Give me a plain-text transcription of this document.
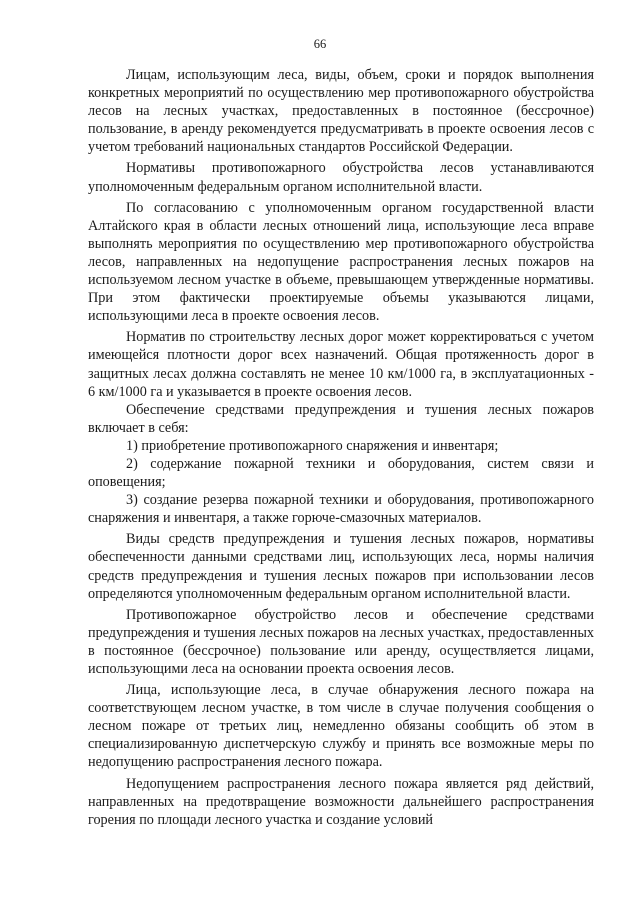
66

Лицам, использующим леса, виды, объем, сроки и порядок выполнения конкретных мероприятий по осуществлению мер противопожарного обустройства лесов на лесных участках, предоставленных в постоянное (бессрочное) пользование, в аренду рекомендуется предусматривать в проекте освоения лесов с учетом требований национальных стандартов Российской Федерации.

Нормативы противопожарного обустройства лесов устанавливаются уполномоченным федеральным органом исполнительной власти.

По согласованию с уполномоченным органом государственной власти Алтайского края в области лесных отношений лица, использующие леса вправе выполнять мероприятия по осуществлению мер противопожарного обустройства лесов, направленных на недопущение распространения лесных пожаров на используемом лесном участке в объеме, превышающем утвержденные нормативы. При этом фактически проектируемые объемы указываются лицами, использующими леса в проекте освоения лесов.

Норматив по строительству лесных дорог может корректироваться с учетом имеющейся плотности дорог всех назначений. Общая протяженность дорог в защитных лесах должна составлять не менее 10 км/1000 га, в эксплуатационных - 6 км/1000 га и указывается в проекте освоения лесов.

Обеспечение средствами предупреждения и тушения лесных пожаров включает в себя:

1) приобретение противопожарного снаряжения и инвентаря;

2) содержание пожарной техники и оборудования, систем связи и оповещения;

3) создание резерва пожарной техники и оборудования, противопожарного снаряжения и инвентаря, а также горюче-смазочных материалов.

Виды средств предупреждения и тушения лесных пожаров, нормативы обеспеченности данными средствами лиц, использующих леса, нормы наличия средств предупреждения и тушения лесных пожаров при использовании лесов определяются уполномоченным федеральным органом исполнительной власти.

Противопожарное обустройство лесов и обеспечение средствами предупреждения и тушения лесных пожаров на лесных участках, предоставленных в постоянное (бессрочное) пользование или аренду, осуществляется лицами, использующими леса на основании проекта освоения лесов.

Лица, использующие леса, в случае обнаружения лесного пожара на соответствующем лесном участке, в том числе в случае получения сообщения о лесном пожаре от третьих лиц, немедленно обязаны сообщить об этом в специализированную диспетчерскую службу и принять все возможные меры по недопущению распространения лесного пожара.

Недопущением распространения лесного пожара является ряд действий, направленных на предотвращение возможности дальнейшего распространения горения по площади лесного участка и создание условий
